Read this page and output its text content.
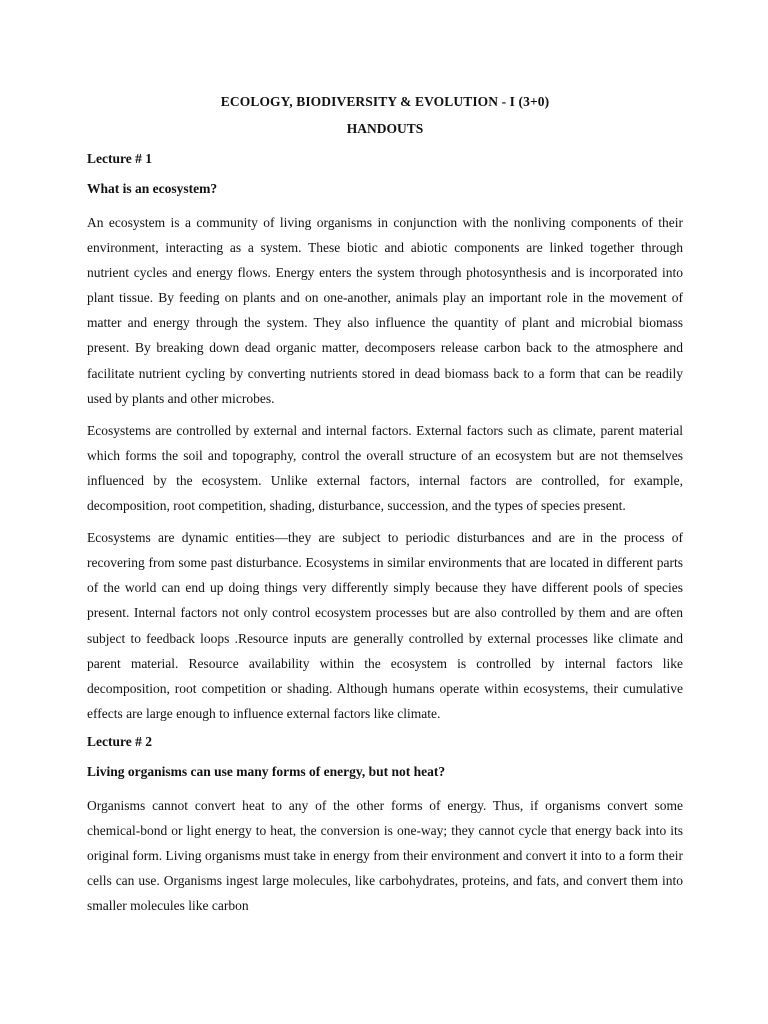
ECOLOGY, BIODIVERSITY & EVOLUTION - I (3+0)

HANDOUTS

Lecture # 1

What is an ecosystem?

An ecosystem is a community of living organisms in conjunction with the nonliving components of their environment, interacting as a system. These biotic and abiotic components are linked together through nutrient cycles and energy flows. Energy enters the system through photosynthesis and is incorporated into plant tissue. By feeding on plants and on one-another, animals play an important role in the movement of matter and energy through the system. They also influence the quantity of plant and microbial biomass present. By breaking down dead organic matter, decomposers release carbon back to the atmosphere and facilitate nutrient cycling by converting nutrients stored in dead biomass back to a form that can be readily used by plants and other microbes.

Ecosystems are controlled by external and internal factors. External factors such as climate, parent material which forms the soil and topography, control the overall structure of an ecosystem but are not themselves influenced by the ecosystem. Unlike external factors, internal factors are controlled, for example, decomposition, root competition, shading, disturbance, succession, and the types of species present.

Ecosystems are dynamic entities—they are subject to periodic disturbances and are in the process of recovering from some past disturbance. Ecosystems in similar environments that are located in different parts of the world can end up doing things very differently simply because they have different pools of species present. Internal factors not only control ecosystem processes but are also controlled by them and are often subject to feedback loops .Resource inputs are generally controlled by external processes like climate and parent material. Resource availability within the ecosystem is controlled by internal factors like decomposition, root competition or shading. Although humans operate within ecosystems, their cumulative effects are large enough to influence external factors like climate.

Lecture # 2

Living organisms can use many forms of energy, but not heat?

Organisms cannot convert heat to any of the other forms of energy. Thus, if organisms convert some chemical-bond or light energy to heat, the conversion is one-way; they cannot cycle that energy back into its original form. Living organisms must take in energy from their environment and convert it into to a form their cells can use. Organisms ingest large molecules, like carbohydrates, proteins, and fats, and convert them into smaller molecules like carbon
